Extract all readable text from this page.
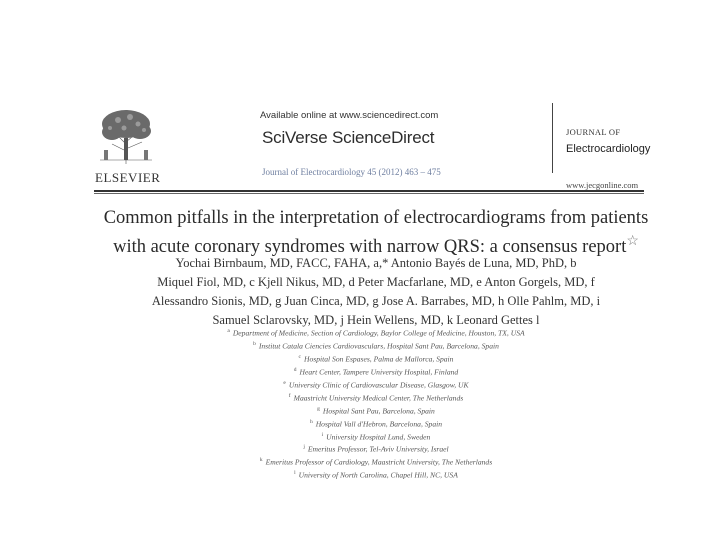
ELSEVIER
Available online at www.sciencedirect.com
SciVerse ScienceDirect
Journal of Electrocardiology 45 (2012) 463 – 475
JOURNAL OF
Electrocardiology
www.jecgonline.com
Common pitfalls in the interpretation of electrocardiograms from patients
with acute coronary syndromes with narrow QRS: a consensus report☆
Yochai Birnbaum, MD, FACC, FAHA, a,* Antonio Bayés de Luna, MD, PhD, b
Miquel Fiol, MD, c Kjell Nikus, MD, d Peter Macfarlane, MD, e Anton Gorgels, MD, f
Alessandro Sionis, MD, g Juan Cinca, MD, g Jose A. Barrabes, MD, h Olle Pahlm, MD, i
Samuel Sclarovsky, MD, j Hein Wellens, MD, k Leonard Gettes l
$^a$ Department of Medicine, Section of Cardiology, Baylor College of Medicine, Houston, TX, USA
$^b$ Institut Catala Ciencies Cardiovasculars, Hospital Sant Pau, Barcelona, Spain
$^c$ Hospital Son Espases, Palma de Mallorca, Spain
$^d$ Heart Center, Tampere University Hospital, Finland
$^e$ University Clinic of Cardiovascular Disease, Glasgow, UK
$^f$ Maastricht University Medical Center, The Netherlands
$^g$ Hospital Sant Pau, Barcelona, Spain
$^h$ Hospital Vall d'Hebron, Barcelona, Spain
$^i$ University Hospital Lund, Sweden
$^j$ Emeritus Professor, Tel-Aviv University, Israel
$^k$ Emeritus Professor of Cardiology, Maastricht University, The Netherlands
$^l$ University of North Carolina, Chapel Hill, NC, USA
